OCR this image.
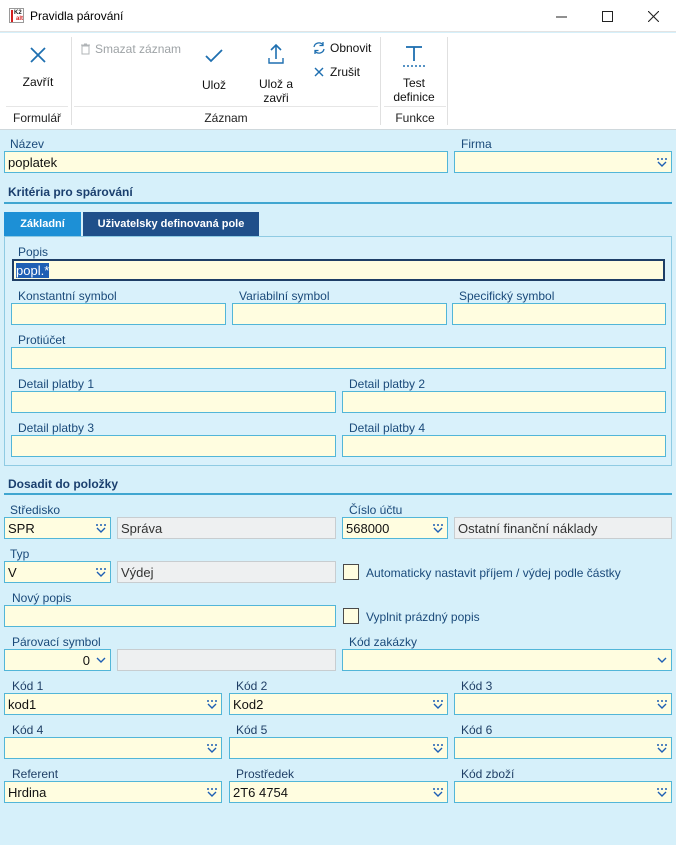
K2
alt Pravidla párování
Zavřít
Formulář
Smazat záznam
Ulož	Ulož a
zavři
Obnovit
Zrušit
Záznam
Test
definice
Funkce
Název
poplatek
Firma
Kritéria pro spárování
Základní	Uživatelsky definovaná pole
Popis
popl.*
Konstantní symbol	Variabilní symbol	Specifický symbol
Protiúčet
Detail platby 1	Detail platby 2
Detail platby 3	Detail platby 4
Dosadit do položky
Středisko
SPR	Správa
Číslo účtu
568000	Ostatní finanční náklady
Typ
V	Výdej	Automaticky nastavit příjem / výdej podle částky
Nový popis
Vyplnit prázdný popis
Párovací symbol
0
Kód zakázky
Kód 1
kod1
Kód 2
Kod2
Kód 3
Kód 4	Kód 5	Kód 6
Referent
Hrdina
Prostředek
2T6 4754
Kód zboží
